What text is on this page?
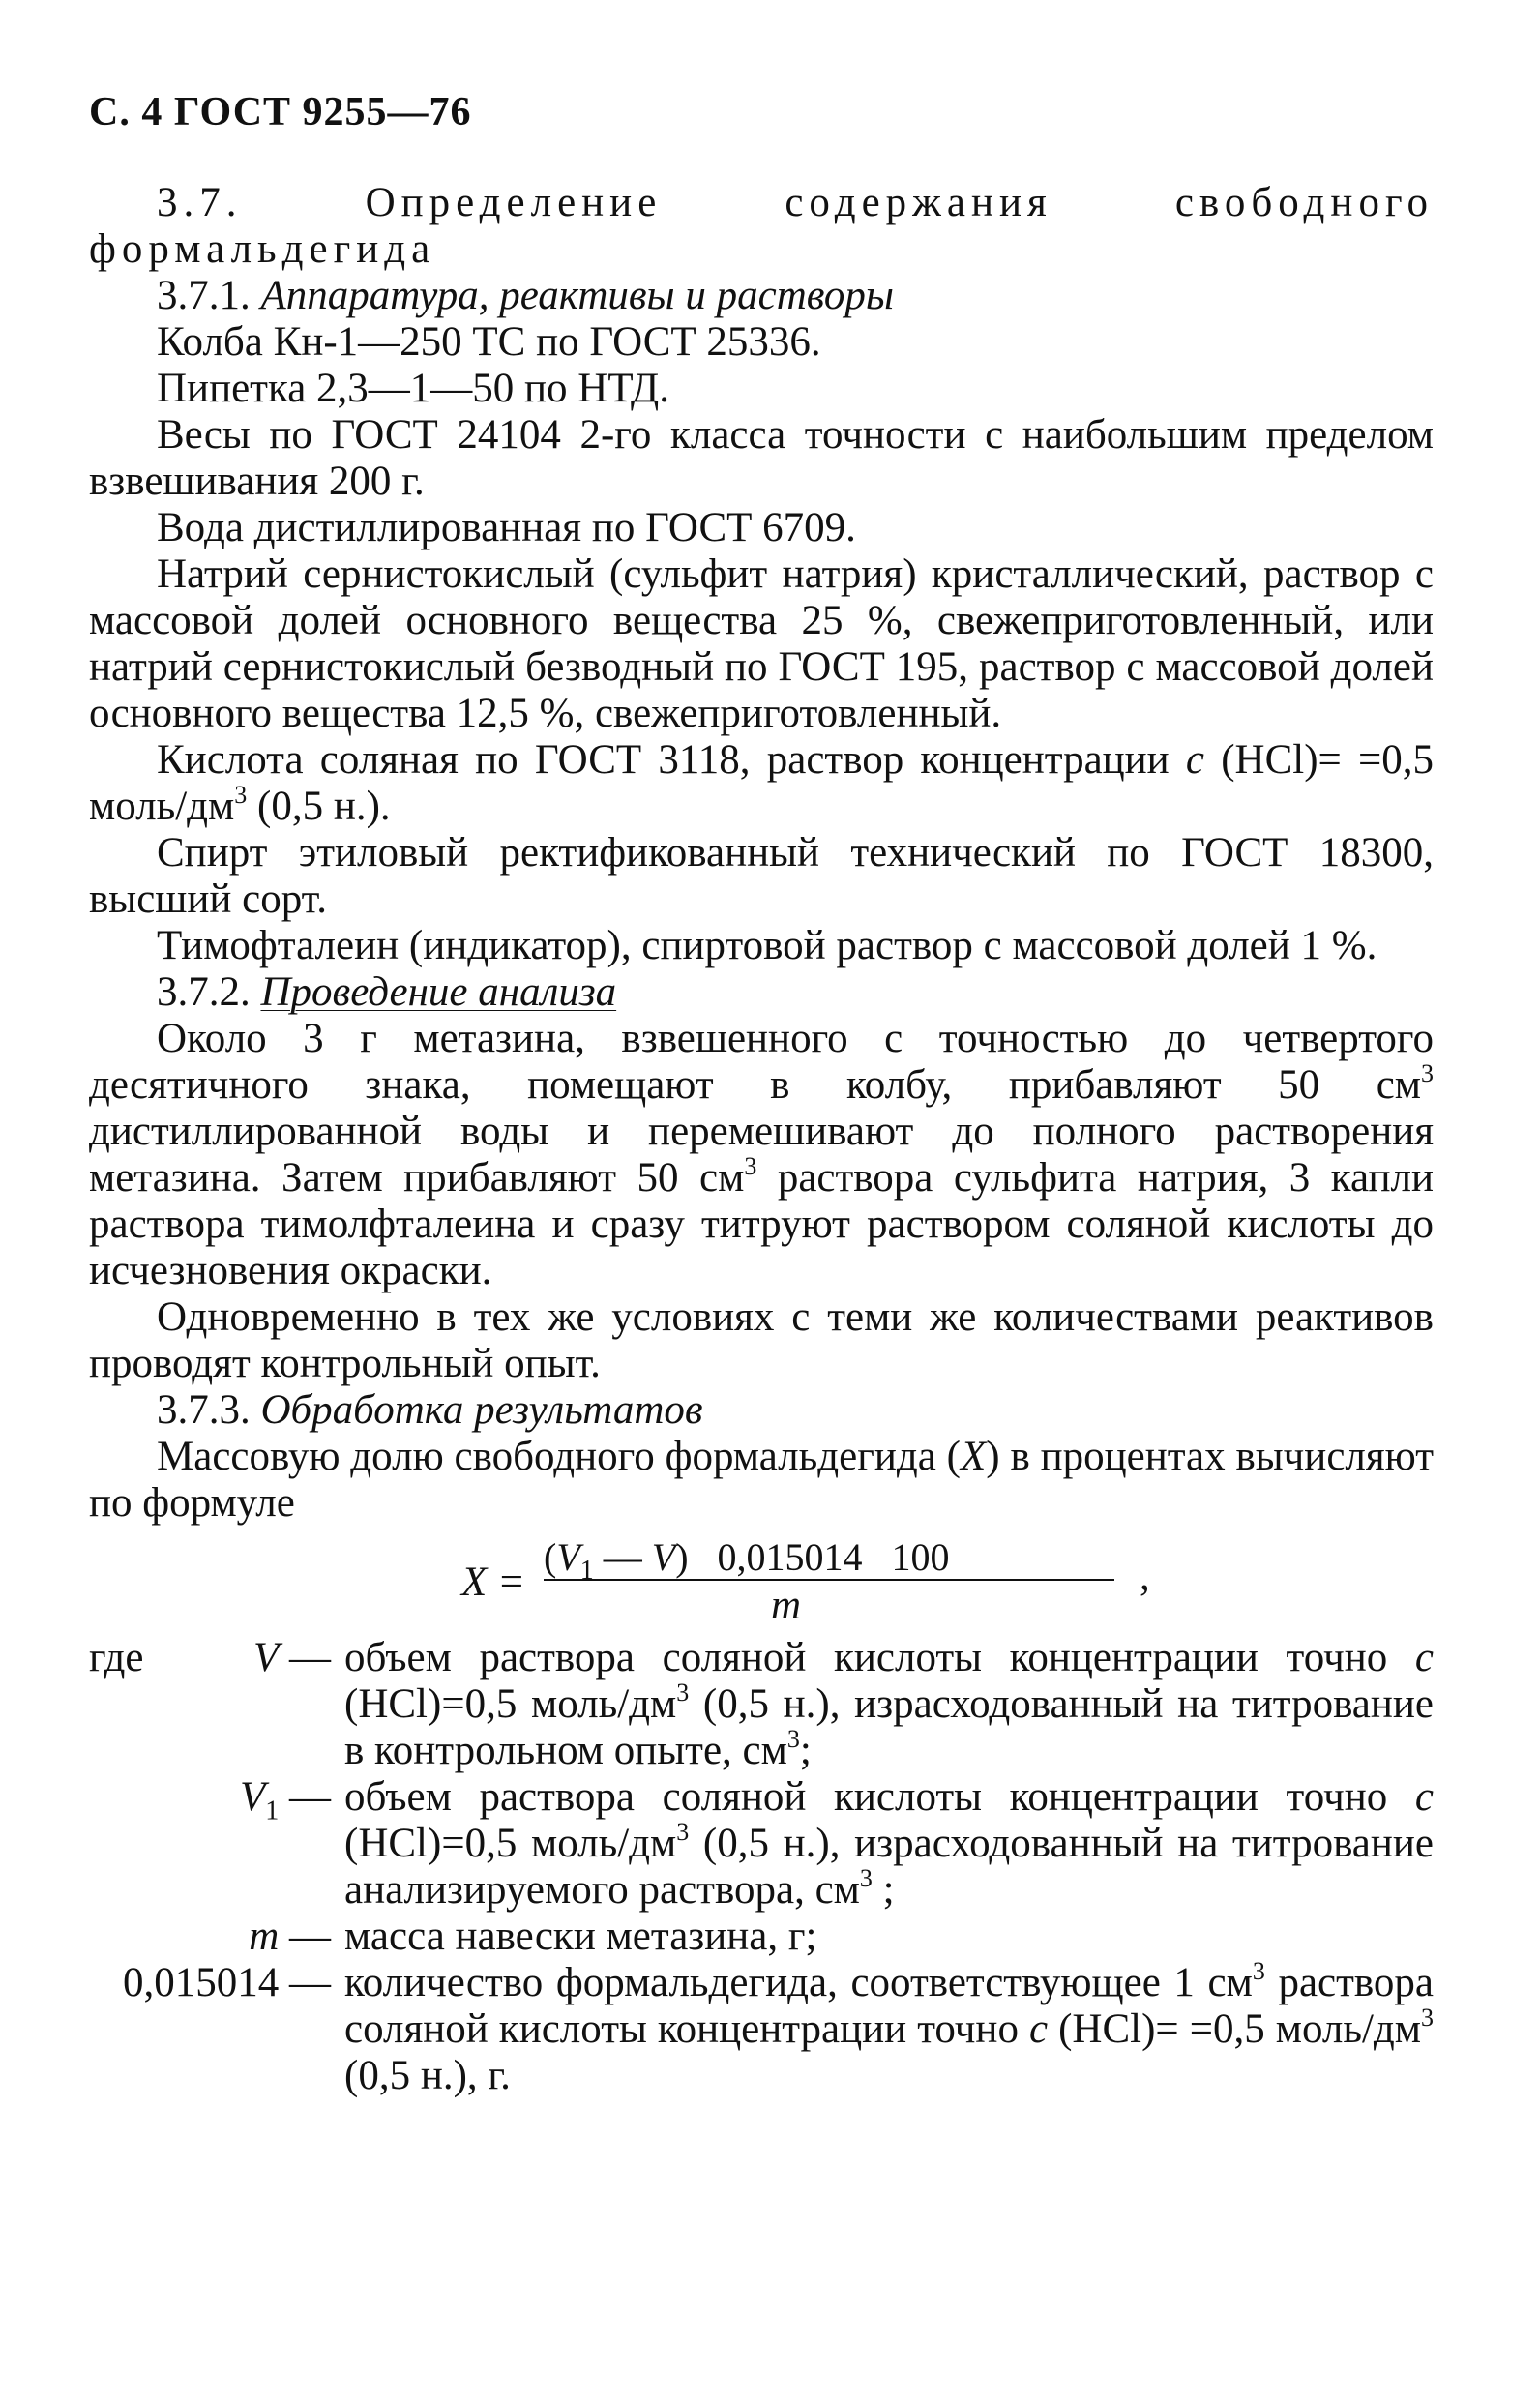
С. 4 ГОСТ 9255—76

3.7.	Определение содержания свободного формальдегида

3.7.1. Аппаратура, реактивы и растворы

Колба Кн-1—250 ТС по ГОСТ 25336.

Пипетка 2,3—1—50 по НТД.

Весы по ГОСТ 24104 2-го класса точности с наибольшим пределом взвешивания 200 г.

Вода дистиллированная по ГОСТ 6709.

Натрий сернистокислый (сульфит натрия) кристаллический, раствор с массовой долей основного вещества 25 %, свежеприготовленный, или натрий сернистокислый безводный по ГОСТ 195, раствор с массовой долей основного вещества 12,5 %, свежеприготовленный.

Кислота соляная по ГОСТ 3118, раствор концентрации c (HCl)= =0,5 моль/$дм^3$ (0,5 н.).

Спирт этиловый ректификованный технический по ГОСТ 18300, высший сорт.

Тимофталеин (индикатор), спиртовой раствор с массовой долей 1 %.

3.7.2. Проведение анализа

Около 3 г метазина, взвешенного с точностью до четвертого десятичного знака, помещают в колбу, прибавляют 50 $см^3$ дистиллированной воды и перемешивают до полного растворения метазина. Затем прибавляют 50 $см^3$ раствора сульфита натрия, 3 капли раствора тимолфталеина и сразу титруют раствором соляной кислоты до исчезновения окраски.

Одновременно в тех же условиях с теми же количествами реактивов проводят контрольный опыт.

3.7.3. Обработка результатов

Массовую долю свободного формальдегида (X) в процентах вычисляют по формуле

X =
($V_1$ — V)   0,015014   100
m
,
где	V — объем раствора соляной кислоты концентрации точно c (HCl)=0,5 моль/$дм^3$ (0,5 н.), израсходованный на титрование в контрольном опыте, $см^3$;
$V_1$ — объем раствора соляной кислоты концентрации точно c (HCl)=0,5 моль/$дм^3$ (0,5 н.), израсходованный на титрование анализируемого раствора, $см^3$ ;
m — масса навески метазина, г;
0,015014 — количество формальдегида, соответствующее 1 $см^3$ раствора соляной кислоты концентрации точно c (HCl)= =0,5 моль/$дм^3$ (0,5 н.), г.
